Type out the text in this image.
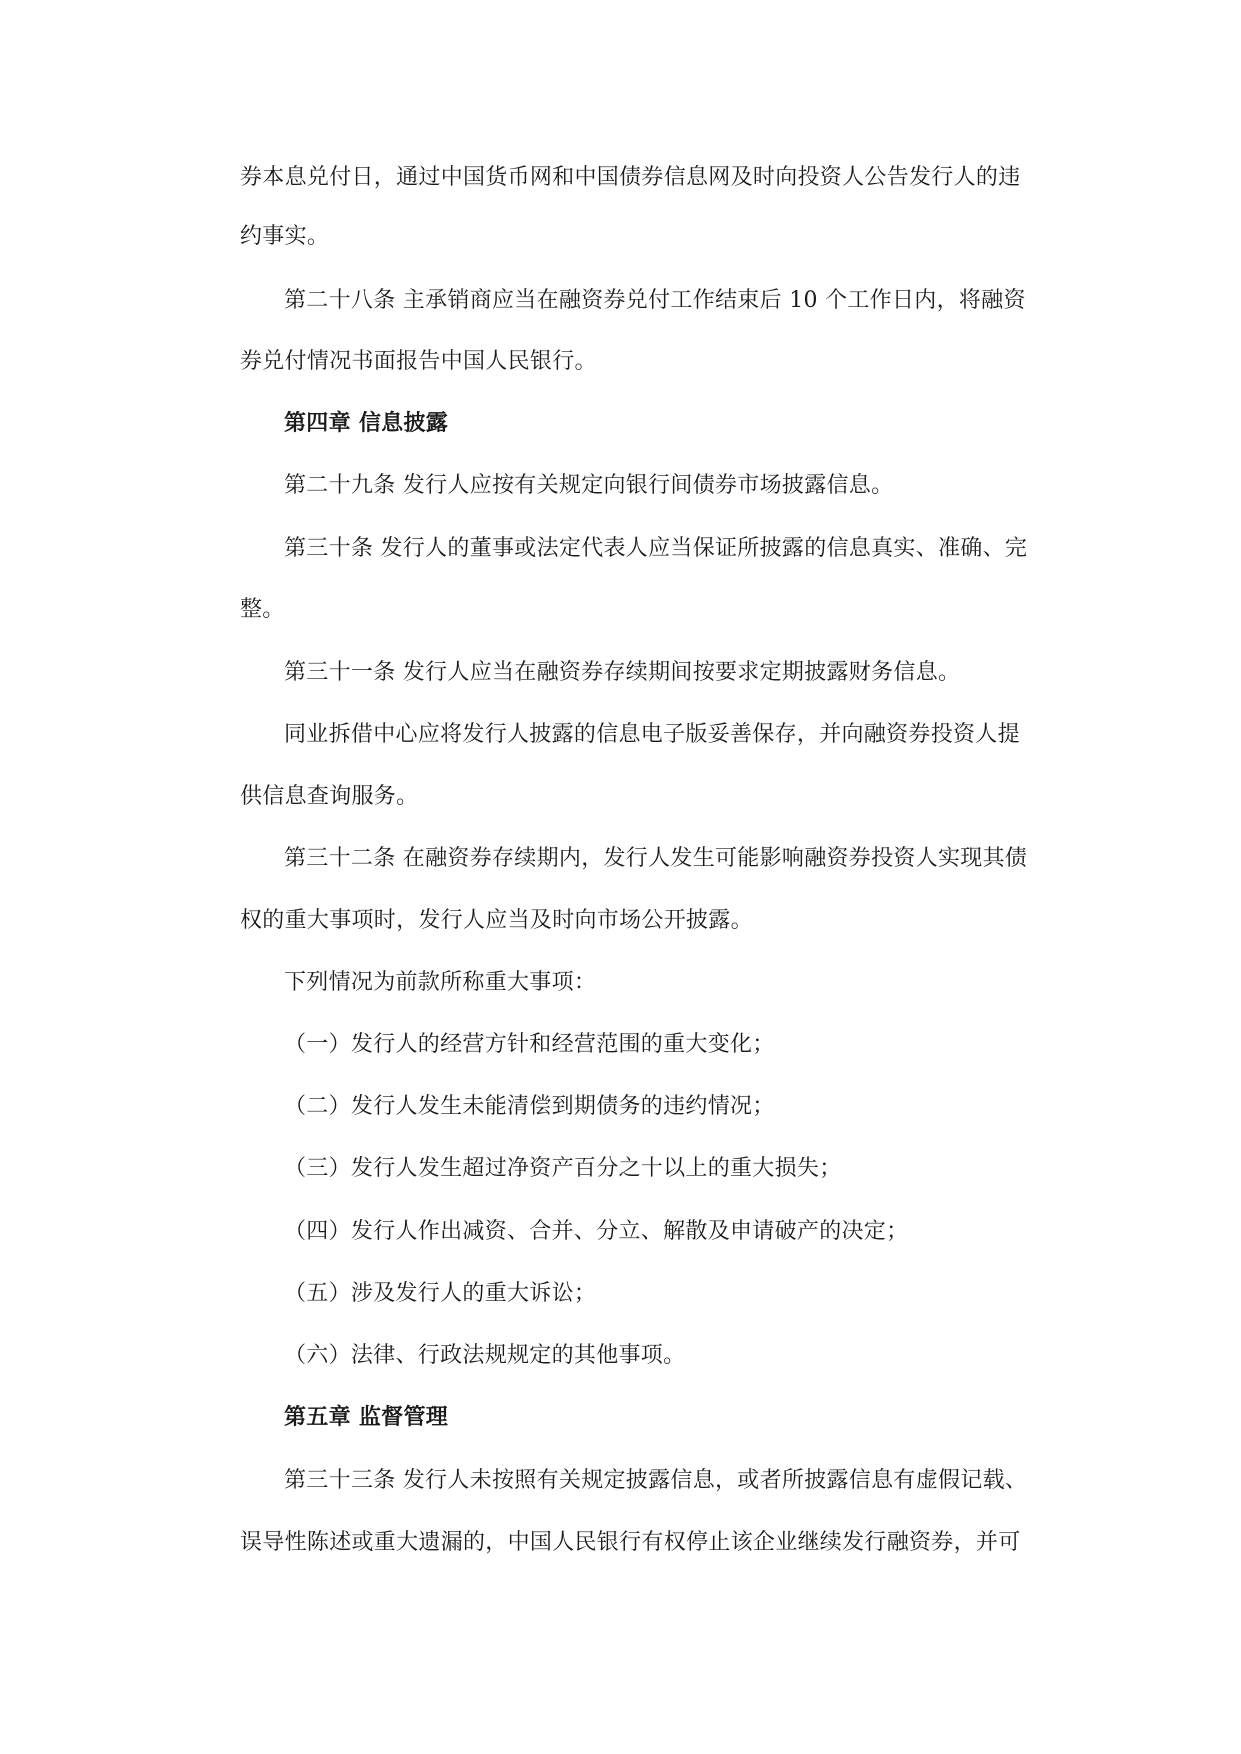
券本息兑付日，通过中国货币网和中国债券信息网及时向投资人公告发行人的违
约事实。
第二十八条 主承销商应当在融资券兑付工作结束后 10 个工作日内，将融资
券兑付情况书面报告中国人民银行。
第四章 信息披露
第二十九条 发行人应按有关规定向银行间债券市场披露信息。
第三十条 发行人的董事或法定代表人应当保证所披露的信息真实、准确、完
整。
第三十一条 发行人应当在融资券存续期间按要求定期披露财务信息。
同业拆借中心应将发行人披露的信息电子版妥善保存，并向融资券投资人提
供信息查询服务。
第三十二条 在融资券存续期内，发行人发生可能影响融资券投资人实现其债
权的重大事项时，发行人应当及时向市场公开披露。
下列情况为前款所称重大事项：
（一）发行人的经营方针和经营范围的重大变化；
（二）发行人发生未能清偿到期债务的违约情况；
（三）发行人发生超过净资产百分之十以上的重大损失；
（四）发行人作出减资、合并、分立、解散及申请破产的决定；
（五）涉及发行人的重大诉讼；
（六）法律、行政法规规定的其他事项。
第五章 监督管理
第三十三条 发行人未按照有关规定披露信息，或者所披露信息有虚假记载、
误导性陈述或重大遗漏的，中国人民银行有权停止该企业继续发行融资券，并可
